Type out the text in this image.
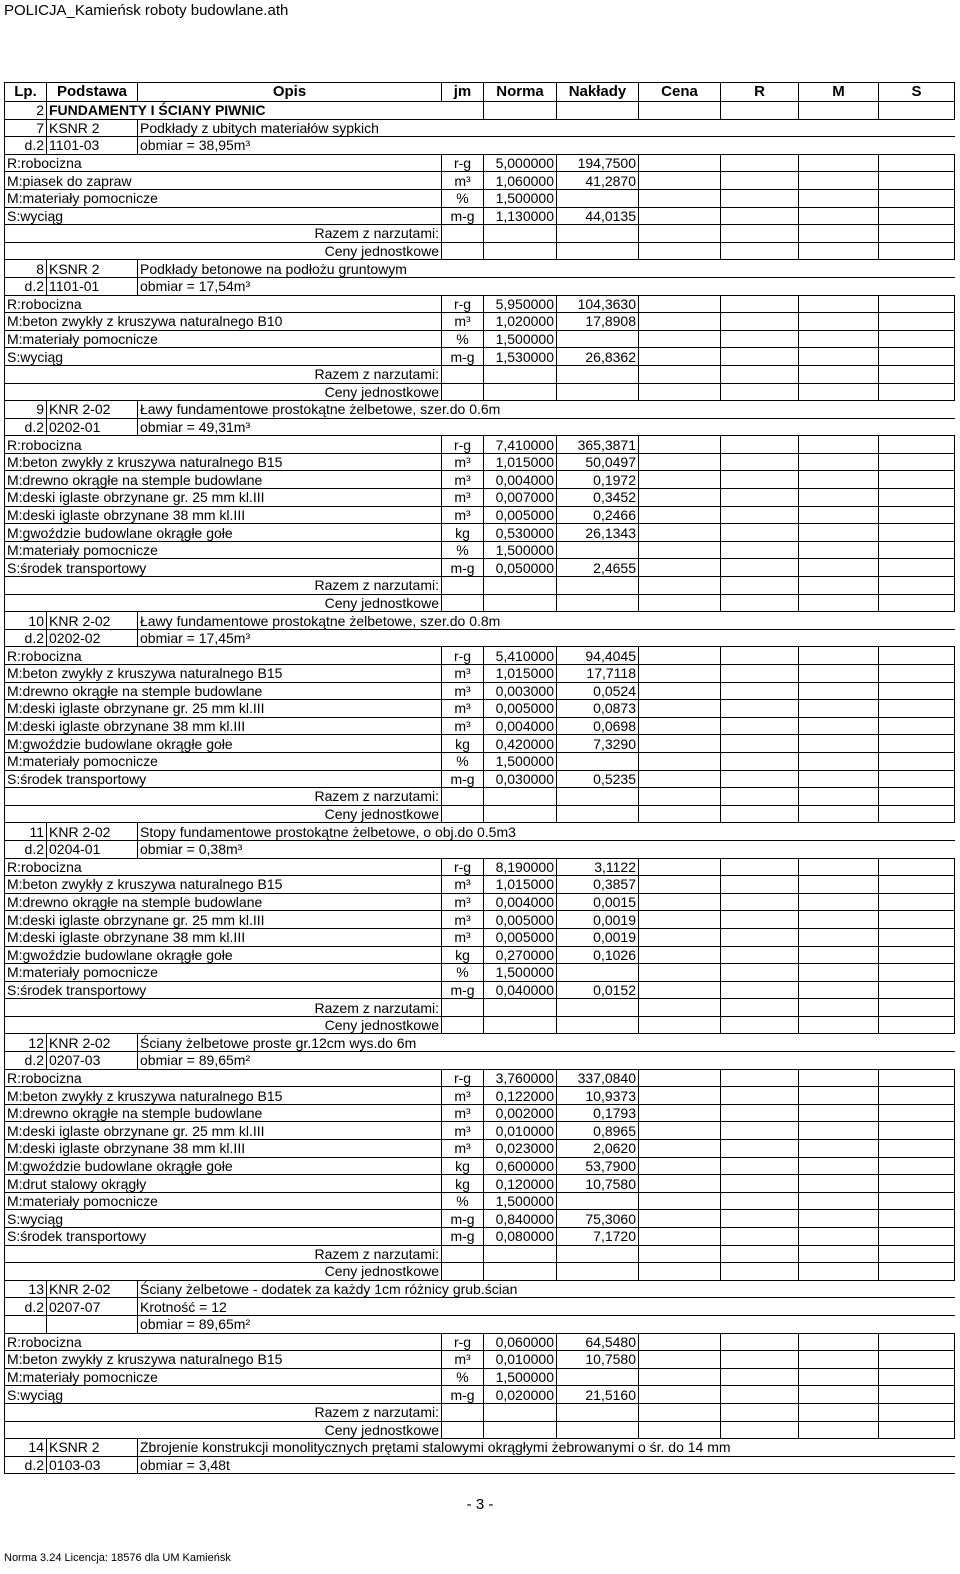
POLICJA_Kamieńsk roboty budowlane.ath
Lp.	Podstawa	Opis	jm	Norma	Nakłady	Cena	R	M	S
2	FUNDAMENTY I ŚCIANY PIWNIC								
7	KSNR 2	Podkłady z ubitych materiałów sypkich							
d.2	1101-03	obmiar = 38,95m³							
R:robocizna			r-g	5,000000	194,7500				
M:piasek do zapraw			m³	1,060000	41,2870				
M:materiały pomocnicze			%	1,500000					
S:wyciąg			m-g	1,130000	44,0135				
Razem z narzutami:									
Ceny jednostkowe									
8	KSNR 2	Podkłady betonowe na podłożu gruntowym							
d.2	1101-01	obmiar = 17,54m³							
R:robocizna			r-g	5,950000	104,3630				
M:beton zwykły z kruszywa naturalnego B10			m³	1,020000	17,8908				
M:materiały pomocnicze			%	1,500000					
S:wyciąg			m-g	1,530000	26,8362				
Razem z narzutami:									
Ceny jednostkowe									
9	KNR 2-02	Ławy fundamentowe prostokątne żelbetowe, szer.do 0.6m							
d.2	0202-01	obmiar = 49,31m³							
R:robocizna			r-g	7,410000	365,3871				
M:beton zwykły z kruszywa naturalnego B15			m³	1,015000	50,0497				
M:drewno okrągłe na stemple budowlane			m³	0,004000	0,1972				
M:deski iglaste obrzynane gr. 25 mm kl.III			m³	0,007000	0,3452				
M:deski iglaste obrzynane 38 mm kl.III			m³	0,005000	0,2466				
M:gwoździe budowlane okrągłe gołe			kg	0,530000	26,1343				
M:materiały pomocnicze			%	1,500000					
S:środek transportowy			m-g	0,050000	2,4655				
Razem z narzutami:									
Ceny jednostkowe									
10	KNR 2-02	Ławy fundamentowe prostokątne żelbetowe, szer.do 0.8m							
d.2	0202-02	obmiar = 17,45m³							
R:robocizna			r-g	5,410000	94,4045				
M:beton zwykły z kruszywa naturalnego B15			m³	1,015000	17,7118				
M:drewno okrągłe na stemple budowlane			m³	0,003000	0,0524				
M:deski iglaste obrzynane gr. 25 mm kl.III			m³	0,005000	0,0873				
M:deski iglaste obrzynane 38 mm kl.III			m³	0,004000	0,0698				
M:gwoździe budowlane okrągłe gołe			kg	0,420000	7,3290				
M:materiały pomocnicze			%	1,500000					
S:środek transportowy			m-g	0,030000	0,5235				
Razem z narzutami:									
Ceny jednostkowe									
11	KNR 2-02	Stopy fundamentowe prostokątne żelbetowe, o obj.do 0.5m3							
d.2	0204-01	obmiar = 0,38m³							
R:robocizna			r-g	8,190000	3,1122				
M:beton zwykły z kruszywa naturalnego B15			m³	1,015000	0,3857				
M:drewno okrągłe na stemple budowlane			m³	0,004000	0,0015				
M:deski iglaste obrzynane gr. 25 mm kl.III			m³	0,005000	0,0019				
M:deski iglaste obrzynane 38 mm kl.III			m³	0,005000	0,0019				
M:gwoździe budowlane okrągłe gołe			kg	0,270000	0,1026				
M:materiały pomocnicze			%	1,500000					
S:środek transportowy			m-g	0,040000	0,0152				
Razem z narzutami:									
Ceny jednostkowe									
12	KNR 2-02	Ściany żelbetowe proste gr.12cm wys.do 6m							
d.2	0207-03	obmiar = 89,65m²							
R:robocizna			r-g	3,760000	337,0840				
M:beton zwykły z kruszywa naturalnego B15			m³	0,122000	10,9373				
M:drewno okrągłe na stemple budowlane			m³	0,002000	0,1793				
M:deski iglaste obrzynane gr. 25 mm kl.III			m³	0,010000	0,8965				
M:deski iglaste obrzynane 38 mm kl.III			m³	0,023000	2,0620				
M:gwoździe budowlane okrągłe gołe			kg	0,600000	53,7900				
M:drut stalowy okrągły			kg	0,120000	10,7580				
M:materiały pomocnicze			%	1,500000					
S:wyciąg			m-g	0,840000	75,3060				
S:środek transportowy			m-g	0,080000	7,1720				
Razem z narzutami:									
Ceny jednostkowe									
13	KNR 2-02	Ściany żelbetowe - dodatek za każdy 1cm różnicy grub.ścian							
d.2	0207-07	Krotność = 12							
		obmiar = 89,65m²							
R:robocizna			r-g	0,060000	64,5480				
M:beton zwykły z kruszywa naturalnego B15			m³	0,010000	10,7580				
M:materiały pomocnicze			%	1,500000					
S:wyciąg			m-g	0,020000	21,5160				
Razem z narzutami:									
Ceny jednostkowe									
14	KSNR 2	Zbrojenie konstrukcji monolitycznych prętami stalowymi okrągłymi żebrowanymi o śr. do 14 mm							
d.2	0103-03	obmiar = 3,48t							
- 3 -
Norma 3.24 Licencja: 18576 dla UM Kamieńsk
